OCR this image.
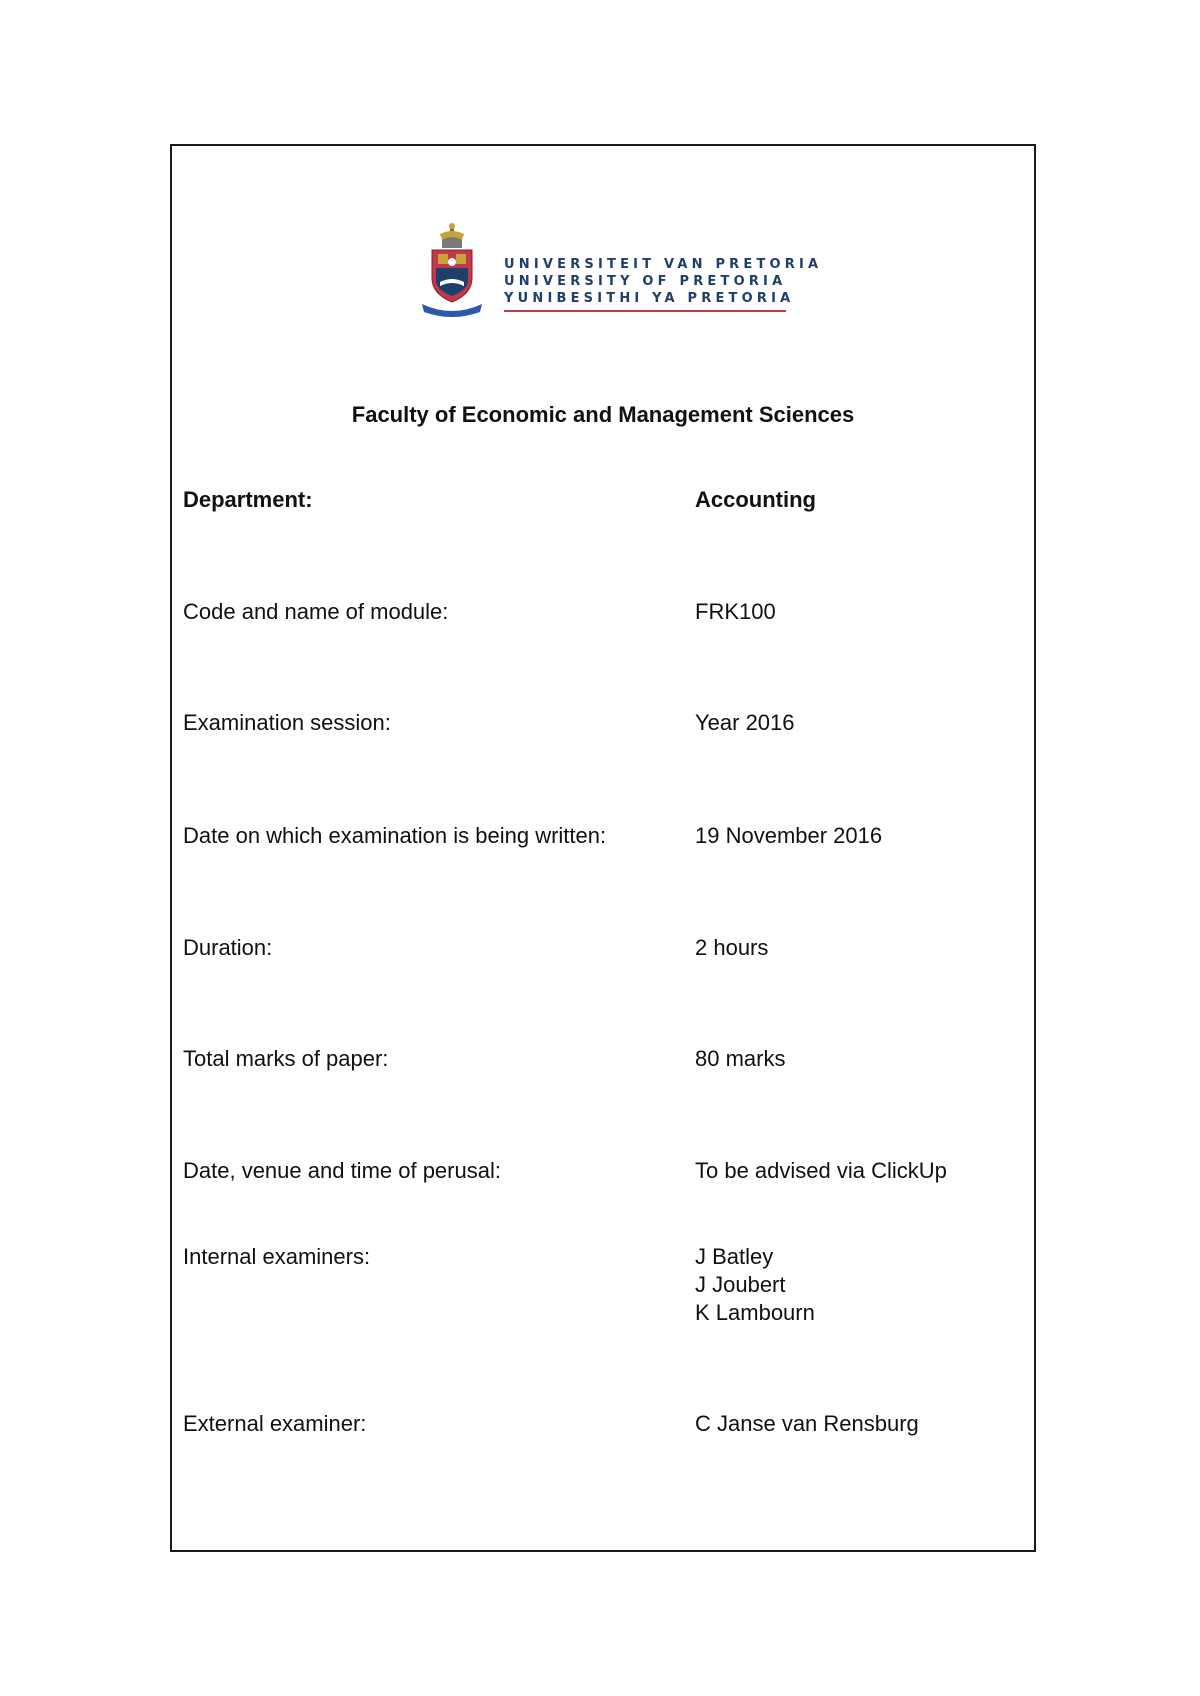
UNIVERSITEIT VAN PRETORIA
UNIVERSITY OF PRETORIA
YUNIBESITHI YA PRETORIA
Faculty of Economic and Management Sciences
Department:	Accounting
Code and name of module:	FRK100
Examination session:	Year 2016
Date on which examination is being written:	19 November 2016
Duration:	2 hours
Total marks of paper:	80 marks
Date, venue and time of perusal:	To be advised via ClickUp
Internal examiners:	J Batley
J Joubert
K Lambourn
External examiner:	C Janse van Rensburg
